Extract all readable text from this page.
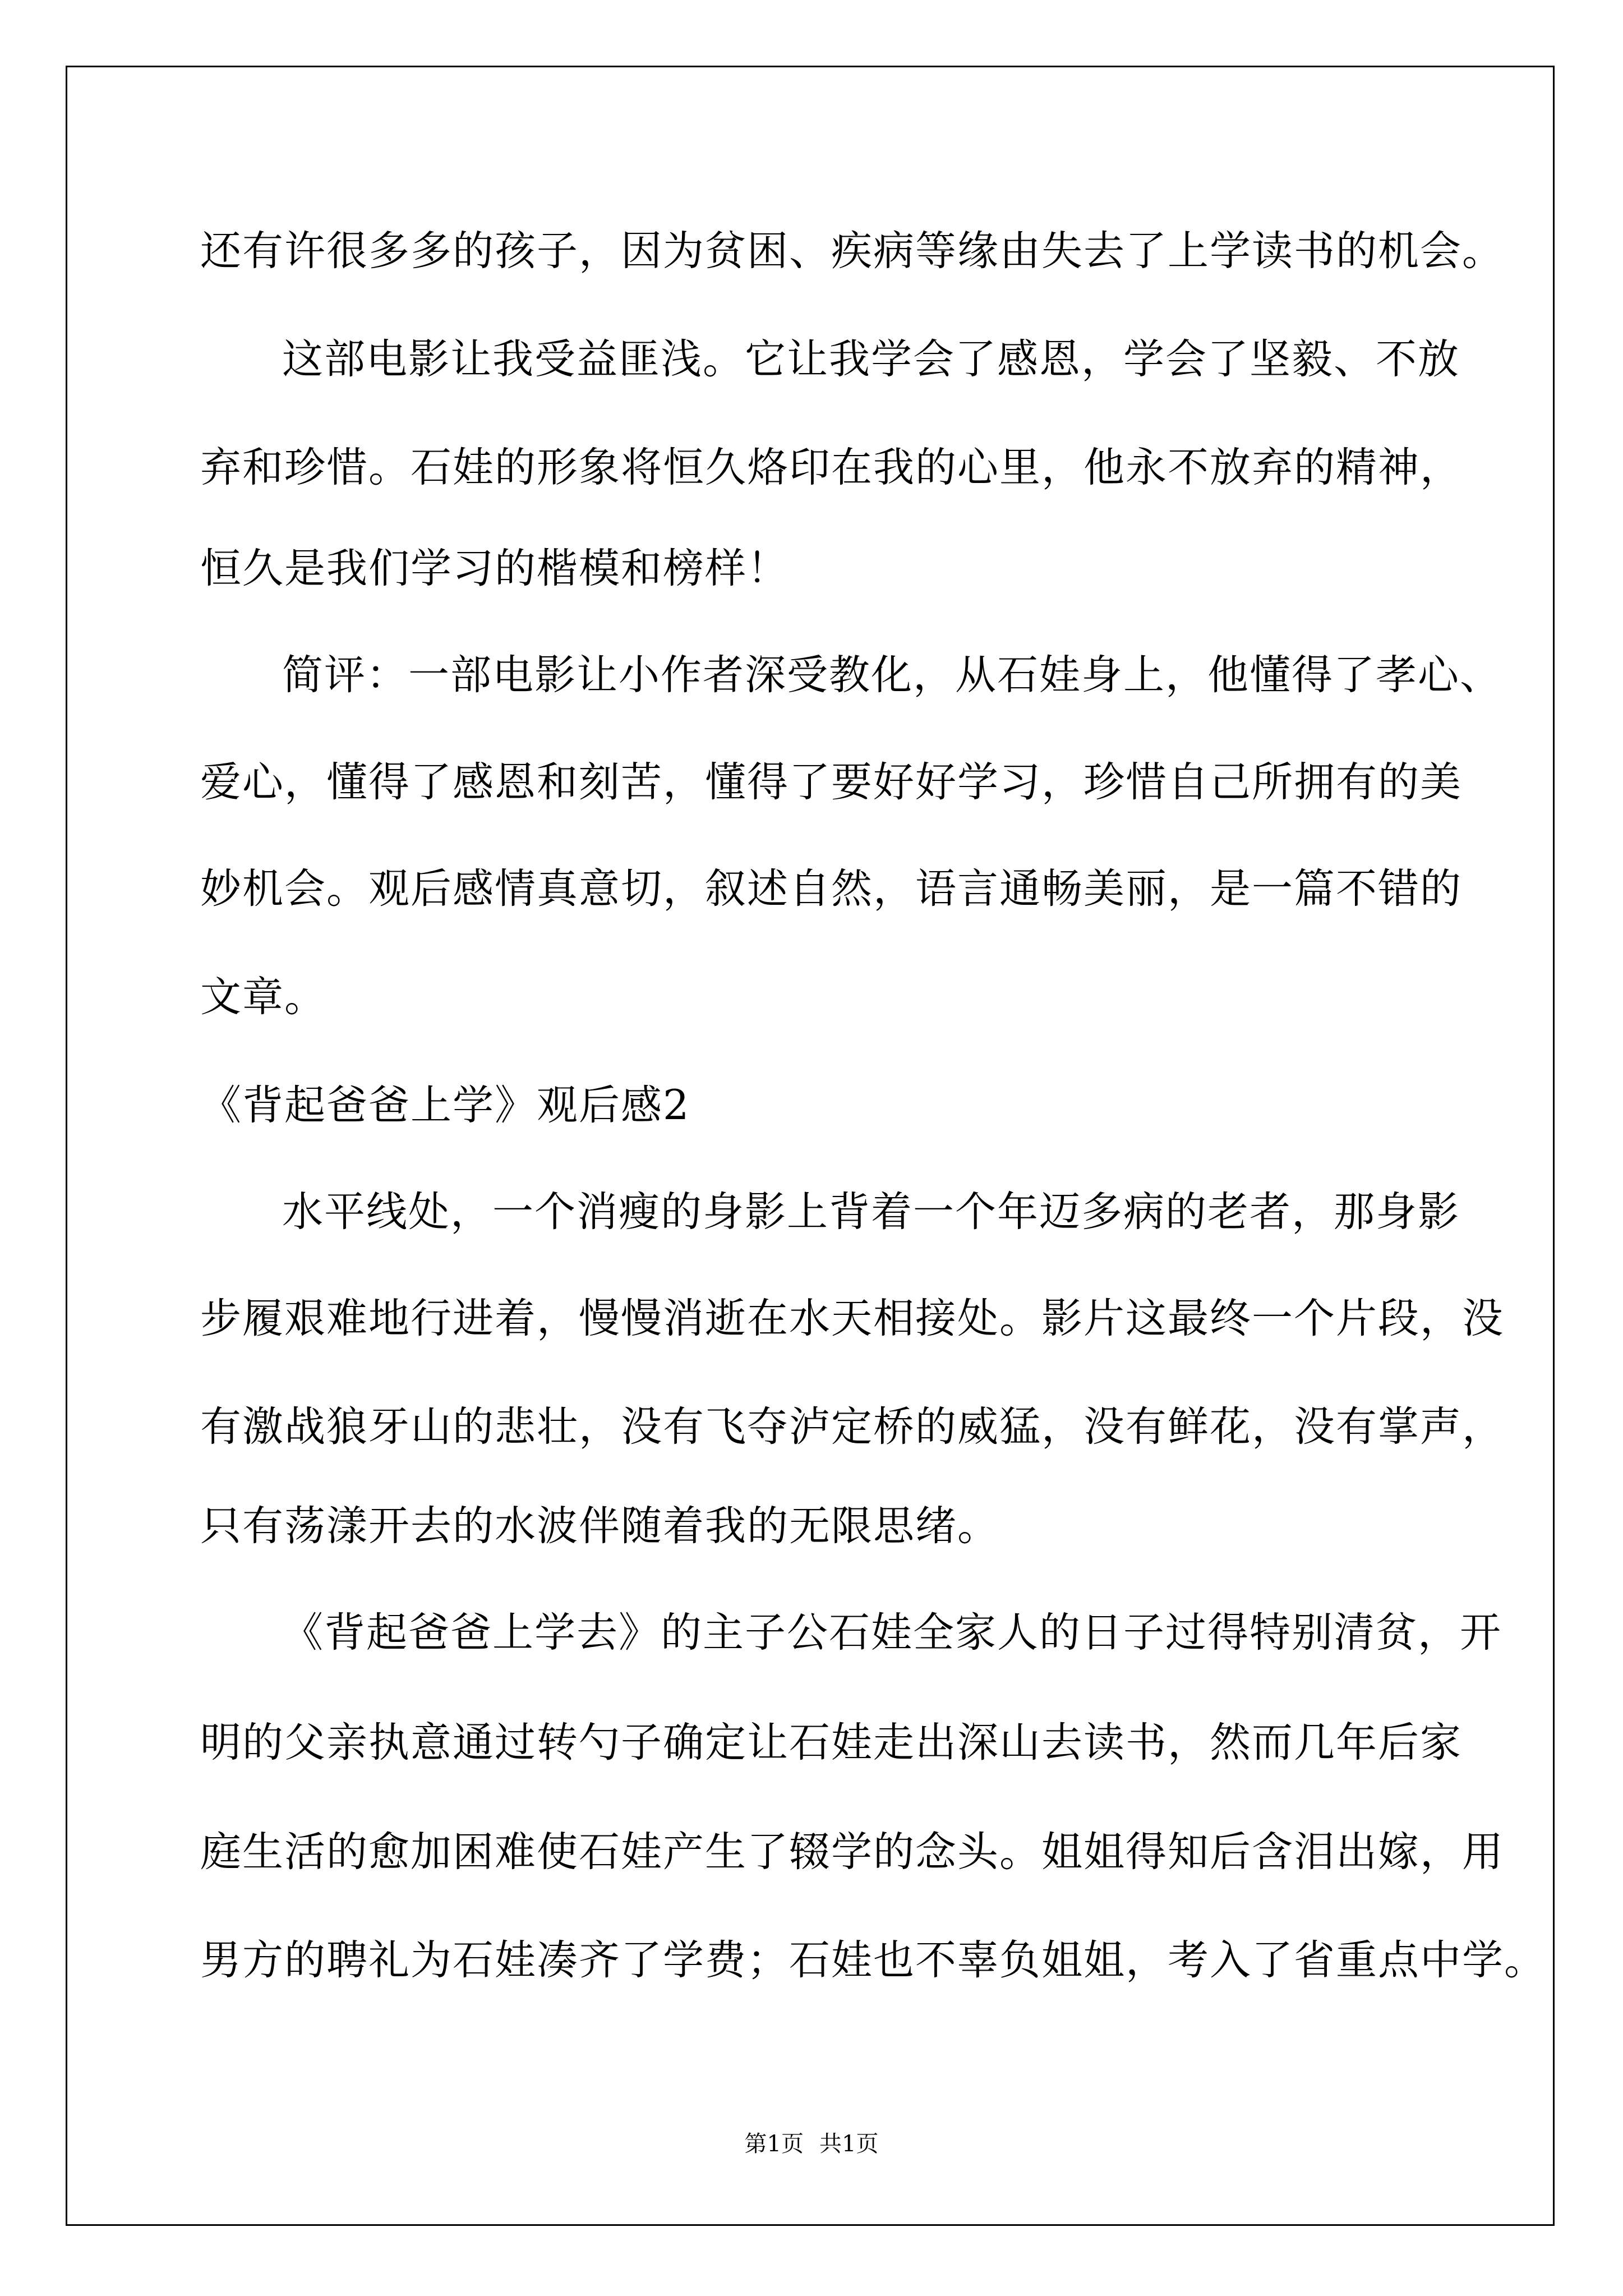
还有许很多多的孩子，因为贫困、疾病等缘由失去了上学读书的机会。
这部电影让我受益匪浅。它让我学会了感恩，学会了坚毅、不放
弃和珍惜。石娃的形象将恒久烙印在我的心里，他永不放弃的精神，
恒久是我们学习的楷模和榜样！
简评：一部电影让小作者深受教化，从石娃身上，他懂得了孝心、
爱心，懂得了感恩和刻苦，懂得了要好好学习，珍惜自己所拥有的美
妙机会。观后感情真意切，叙述自然，语言通畅美丽，是一篇不错的
文章。
《背起爸爸上学》观后感2
水平线处，一个消瘦的身影上背着一个年迈多病的老者，那身影
步履艰难地行进着，慢慢消逝在水天相接处。影片这最终一个片段，没
有激战狼牙山的悲壮，没有飞夺泸定桥的威猛，没有鲜花，没有掌声，
只有荡漾开去的水波伴随着我的无限思绪。
《背起爸爸上学去》的主子公石娃全家人的日子过得特别清贫，开
明的父亲执意通过转勺子确定让石娃走出深山去读书，然而几年后家
庭生活的愈加困难使石娃产生了辍学的念头。姐姐得知后含泪出嫁，用
男方的聘礼为石娃凑齐了学费；石娃也不辜负姐姐，考入了省重点中学。
第1页 共1页
